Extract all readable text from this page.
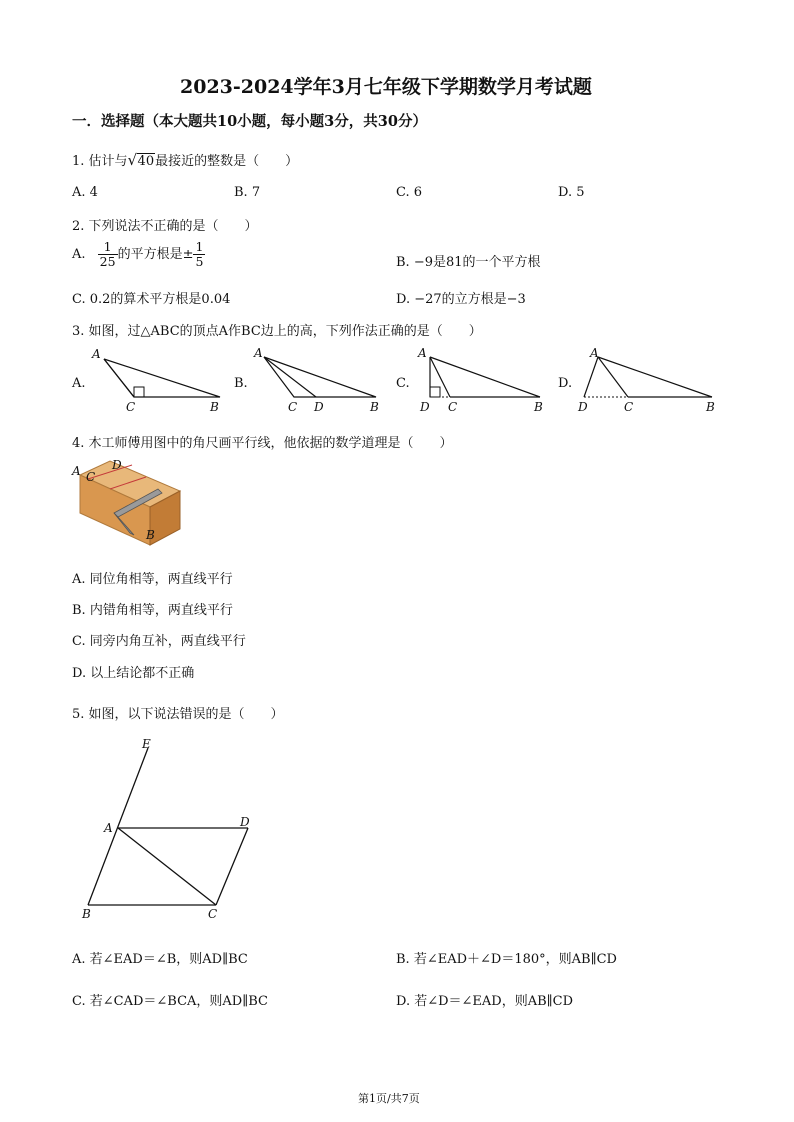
2023-2024学年3月七年级下学期数学月考试题
一．选择题（本大题共10小题，每小题3分，共30分）
1. 估计与 √ 40最接近的整数是（　　）
A. 4	B. 7	C. 6	D. 5
2. 下列说法不正确的是（　　）
A. $\frac{1}{25}$ 的平方根是± $\frac{1}{5}$	B. −9是81的一个平方根
C. 0.2的算术平方根是0.04	D. −27的立方根是−3
3. 如图，过△ABC的顶点A作BC边上的高，下列作法正确的是（　　）
A.	B.	C.	D.
A
C	B
A
C D	B
A
D C	B
A
D	C	B
4. 木工师傅用图中的角尺画平行线，他依据的数学道理是（　　）
A C
D
B
A. 同位角相等，两直线平行
B. 内错角相等，两直线平行
C. 同旁内角互补，两直线平行
D. 以上结论都不正确
5. 如图，以下说法错误的是（　　）
E
A	D
B	C
A. 若∠EAD＝∠B，则AD∥BC	B. 若∠EAD＋∠D＝180°，则AB∥CD
C. 若∠CAD＝∠BCA，则AD∥BC	D. 若∠D＝∠EAD，则AB∥CD
第1页/共7页
